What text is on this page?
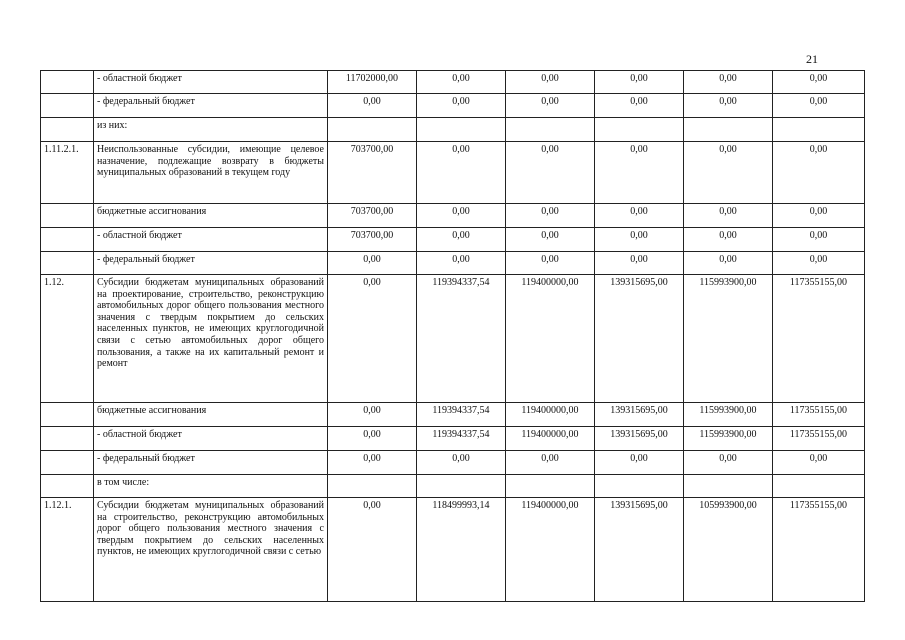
21
	- областной бюджет	11702000,00	0,00	0,00	0,00	0,00	0,00
	- федеральный бюджет	0,00	0,00	0,00	0,00	0,00	0,00
	из них:						
1.11.2.1.	Неиспользованные субсидии, имеющие целевое назначение, подлежащие возврату в бюджеты муниципальных образований в текущем году	703700,00	0,00	0,00	0,00	0,00	0,00
	бюджетные ассигнования	703700,00	0,00	0,00	0,00	0,00	0,00
	- областной бюджет	703700,00	0,00	0,00	0,00	0,00	0,00
	- федеральный бюджет	0,00	0,00	0,00	0,00	0,00	0,00
1.12.	Субсидии бюджетам муниципальных образований на проектирование, строительство, реконструкцию автомобильных дорог общего пользования местного значения с твердым покрытием до сельских населенных пунктов, не имеющих круглогодичной связи с сетью автомобильных дорог общего пользования, а также на их капитальный ремонт и ремонт	0,00	119394337,54	119400000,00	139315695,00	115993900,00	117355155,00
	бюджетные ассигнования	0,00	119394337,54	119400000,00	139315695,00	115993900,00	117355155,00
	- областной бюджет	0,00	119394337,54	119400000,00	139315695,00	115993900,00	117355155,00
	- федеральный бюджет	0,00	0,00	0,00	0,00	0,00	0,00
	в том числе:						
1.12.1.	Субсидии бюджетам муниципальных образований на строительство, реконструкцию автомобильных дорог общего пользования местного значения с твердым покрытием до сельских населенных пунктов, не имеющих круглогодичной связи с сетью	0,00	118499993,14	119400000,00	139315695,00	105993900,00	117355155,00
